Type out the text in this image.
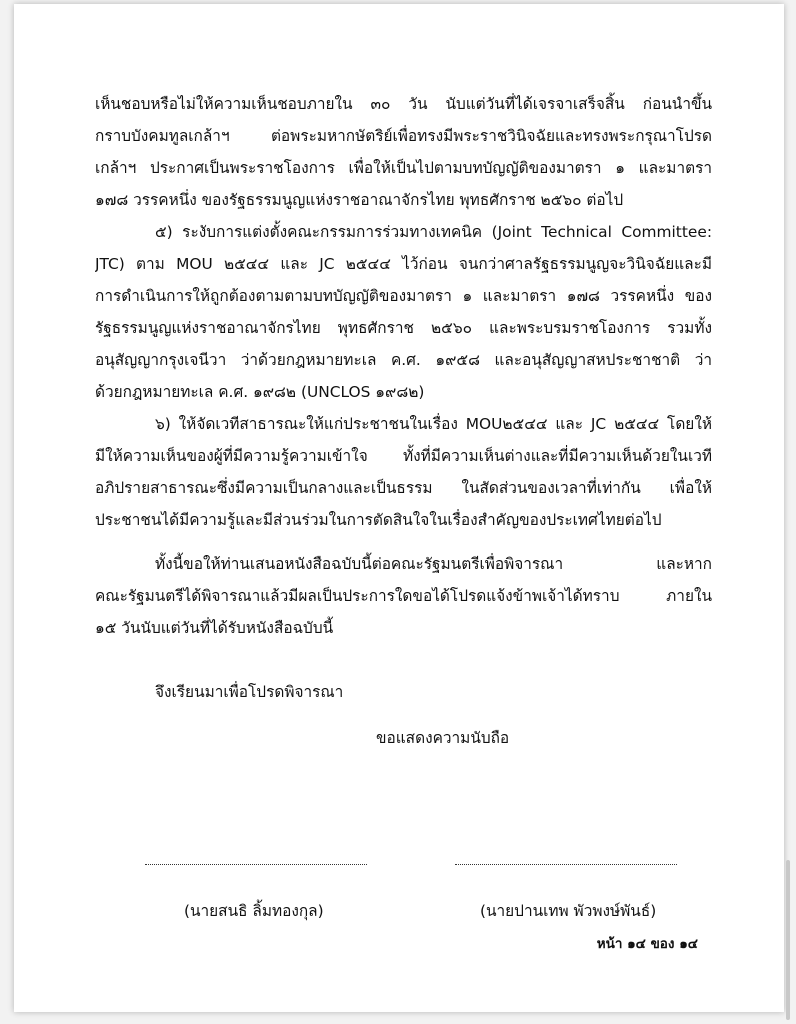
เห็นชอบหรือไม่ให้ความเห็นชอบภายใน ๓๐ วัน นับแต่วันที่ได้เจรจาเสร็จสิ้น ก่อนนำขึ้น
กราบบังคมทูลเกล้าฯ ต่อพระมหากษัตริย์เพื่อทรงมีพระราชวินิจฉัยและทรงพระกรุณาโปรด
เกล้าฯ ประกาศเป็นพระราชโองการ เพื่อให้เป็นไปตามบทบัญญัติของมาตรา ๑ และมาตรา
๑๗๘ วรรคหนึ่ง ของรัฐธรรมนูญแห่งราชอาณาจักรไทย พุทธศักราช ๒๕๖๐ ต่อไป
๕) ระงับการแต่งตั้งคณะกรรมการร่วมทางเทคนิค (Joint Technical Committee:
JTC) ตาม MOU ๒๕๔๔ และ JC ๒๕๔๔ ไว้ก่อน จนกว่าศาลรัฐธรรมนูญจะวินิจฉัยและมี
การดำเนินการให้ถูกต้องตามตามบทบัญญัติของมาตรา ๑ และมาตรา ๑๗๘ วรรคหนึ่ง ของ
รัฐธรรมนูญแห่งราชอาณาจักรไทย พุทธศักราช ๒๕๖๐ และพระบรมราชโองการ รวมทั้ง
อนุสัญญากรุงเจนีวา ว่าด้วยกฎหมายทะเล ค.ศ. ๑๙๕๘ และอนุสัญญาสหประชาชาติ ว่า
ด้วยกฎหมายทะเล ค.ศ. ๑๙๘๒ (UNCLOS ๑๙๘๒)
๖) ให้จัดเวทีสาธารณะให้แก่ประชาชนในเรื่อง MOU๒๕๔๔ และ JC ๒๕๔๔ โดยให้
มีให้ความเห็นของผู้ที่มีความรู้ความเข้าใจ ทั้งที่มีความเห็นต่างและที่มีความเห็นด้วยในเวที
อภิปรายสาธารณะซึ่งมีความเป็นกลางและเป็นธรรม ในสัดส่วนของเวลาที่เท่ากัน เพื่อให้
ประชาชนได้มีความรู้และมีส่วนร่วมในการตัดสินใจในเรื่องสำคัญของประเทศไทยต่อไป
ทั้งนี้ขอให้ท่านเสนอหนังสือฉบับนี้ต่อคณะรัฐมนตรีเพื่อพิจารณา และหาก
คณะรัฐมนตรีได้พิจารณาแล้วมีผลเป็นประการใดขอได้โปรดแจ้งข้าพเจ้าได้ทราบ ภายใน
๑๕ วันนับแต่วันที่ได้รับหนังสือฉบับนี้
จึงเรียนมาเพื่อโปรดพิจารณา
ขอแสดงความนับถือ
(นายสนธิ ลิ้มทองกุล)	(นายปานเทพ พัวพงษ์พันธ์)
หน้า ๑๔ ของ ๑๔
